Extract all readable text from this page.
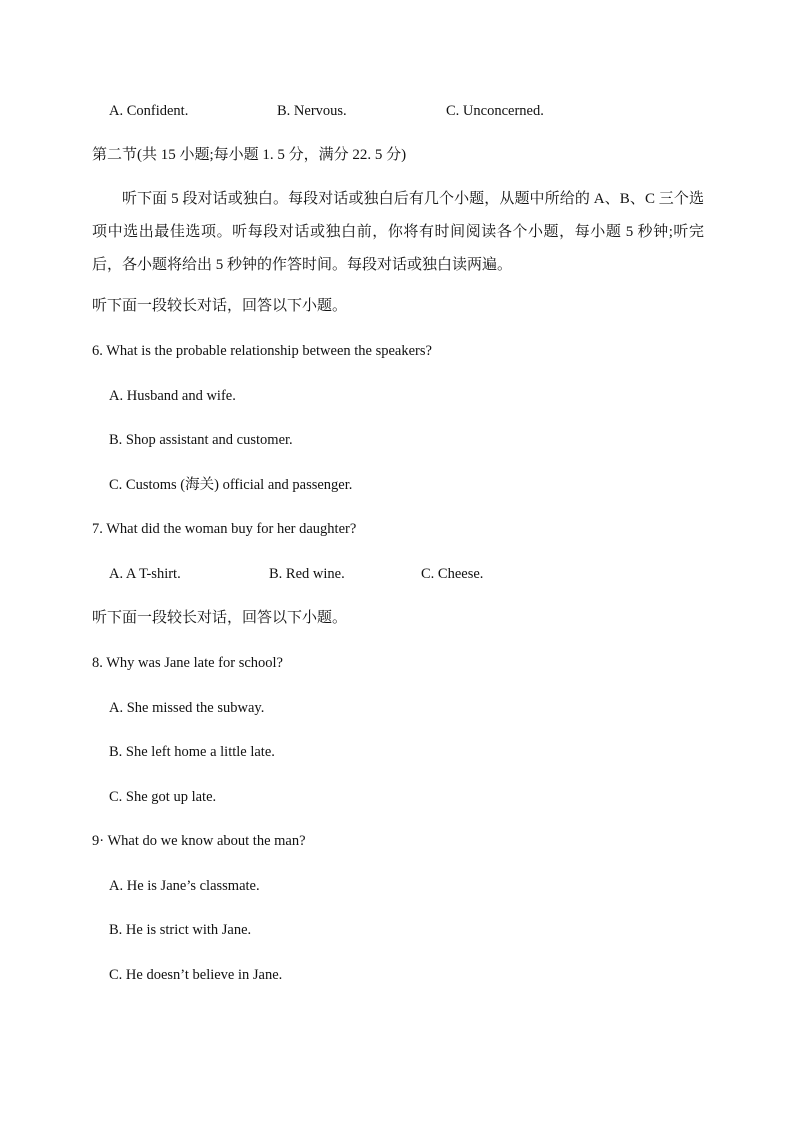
A. Confident.	B. Nervous.	C. Unconcerned.
第二节(共 15 小题;每小题 1. 5 分，满分 22. 5 分)
听下面 5 段对话或独白。每段对话或独白后有几个小题，从题中所给的 A、B、C 三个选项中选出最佳选项。听每段对话或独白前，你将有时间阅读各个小题，每小题 5 秒钟;听完后，各小题将给出 5 秒钟的作答时间。每段对话或独白读两遍。
听下面一段较长对话，回答以下小题。
6. What is the probable relationship between the speakers?
A. Husband and wife.
B. Shop assistant and customer.
C. Customs (海关) official and passenger.
7. What did the woman buy for her daughter?
A. A T-shirt.	B. Red wine.	C. Cheese.
听下面一段较长对话，回答以下小题。
8. Why was Jane late for school?
A. She missed the subway.
B. She left home a little late.
C. She got up late.
9· What do we know about the man?
A. He is Jane’s classmate.
B. He is strict with Jane.
C. He doesn’t believe in Jane.
